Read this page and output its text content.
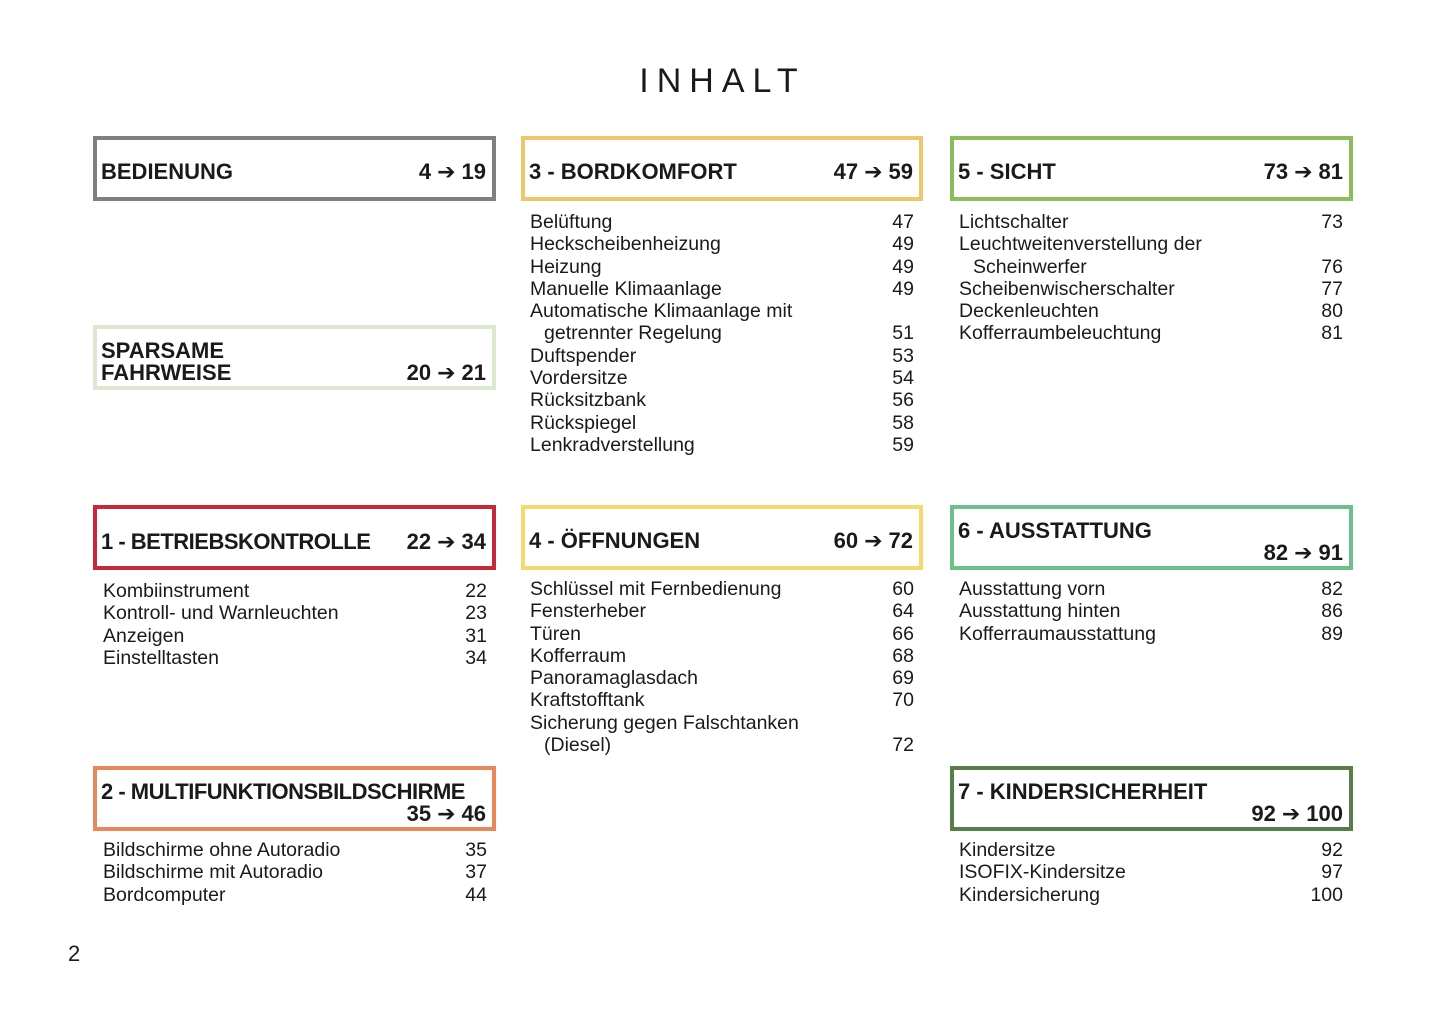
INHALT
BEDIENUNG	4 ➔ 19
SPARSAME
FAHRWEISE	20 ➔ 21
1 - BETRIEBSKONTROLLE 22 ➔ 34
Kombiinstrument	22
Kontroll- und Warnleuchten	23
Anzeigen	31
Einstelltasten	34
2 - MULTIFUNKTIONSBILDSCHIRME
35 ➔ 46
Bildschirme ohne Autoradio	35
Bildschirme mit Autoradio	37
Bordcomputer	44
3 - BORDKOMFORT	47 ➔ 59
Belüftung	47
Heckscheibenheizung	49
Heizung	49
Manuelle Klimaanlage	49
Automatische Klimaanlage mit
getrennter Regelung	51
Duftspender	53
Vordersitze	54
Rücksitzbank	56
Rückspiegel	58
Lenkradverstellung	59
4 - ÖFFNUNGEN	60 ➔ 72
Schlüssel mit Fernbedienung	60
Fensterheber	64
Türen	66
Kofferraum	68
Panoramaglasdach	69
Kraftstofftank	70
Sicherung gegen Falschtanken
(Diesel)	72
5 - SICHT	73 ➔ 81
Lichtschalter	73
Leuchtweitenverstellung der
Scheinwerfer	76
Scheibenwischerschalter	77
Deckenleuchten	80
Kofferraumbeleuchtung	81
6 - AUSSTATTUNG
82 ➔ 91
Ausstattung vorn	82
Ausstattung hinten	86
Kofferraumausstattung	89
7 - KINDERSICHERHEIT
92 ➔ 100
Kindersitze	92
ISOFIX-Kindersitze	97
Kindersicherung	100
2
